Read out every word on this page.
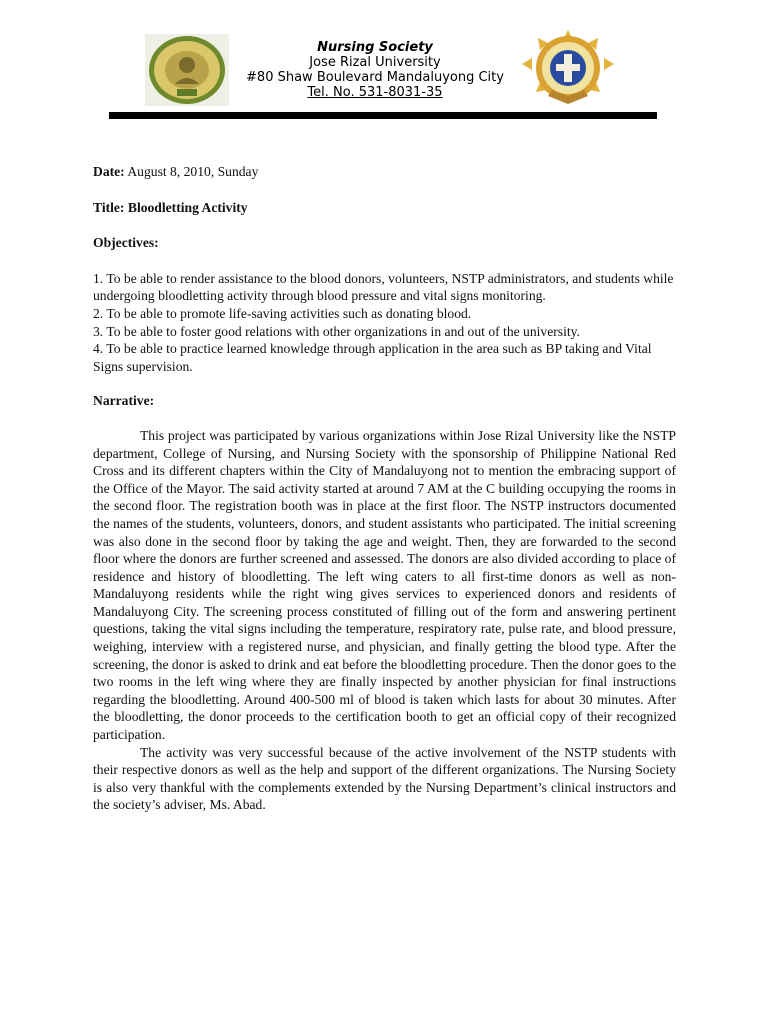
Nursing Society
Jose Rizal University
#80 Shaw Boulevard Mandaluyong City
Tel. No. 531-8031-35

Date: August 8, 2010, Sunday

Title: Bloodletting Activity

Objectives:

1. To be able to render assistance to the blood donors, volunteers, NSTP administrators, and students while undergoing bloodletting activity through blood pressure and vital signs monitoring.

2. To be able to promote life-saving activities such as donating blood.

3. To be able to foster good relations with other organizations in and out of the university.

4. To be able to practice learned knowledge through application in the area such as BP taking and Vital Signs supervision.

Narrative:

This project was participated by various organizations within Jose Rizal University like the NSTP department, College of Nursing, and Nursing Society with the sponsorship of Philippine National Red Cross and its different chapters within the City of Mandaluyong not to mention the embracing support of the Office of the Mayor. The said activity started at around 7 AM at the C building occupying the rooms in the second floor. The registration booth was in place at the first floor. The NSTP instructors documented the names of the students, volunteers, donors, and student assistants who participated. The initial screening was also done in the second floor by taking the age and weight. Then, they are forwarded to the second floor where the donors are further screened and assessed. The donors are also divided according to place of residence and history of bloodletting. The left wing caters to all first-time donors as well as non-Mandaluyong residents while the right wing gives services to experienced donors and residents of Mandaluyong City. The screening process constituted of filling out of the form and answering pertinent questions, taking the vital signs including the temperature, respiratory rate, pulse rate, and blood pressure, weighing, interview with a registered nurse, and physician, and finally getting the blood type. After the screening, the donor is asked to drink and eat before the bloodletting procedure. Then the donor goes to the two rooms in the left wing where they are finally inspected by another physician for final instructions regarding the bloodletting. Around 400-500 ml of blood is taken which lasts for about 30 minutes. After the bloodletting, the donor proceeds to the certification booth to get an official copy of their recognized participation.

The activity was very successful because of the active involvement of the NSTP students with their respective donors as well as the help and support of the different organizations. The Nursing Society is also very thankful with the complements extended by the Nursing Department’s clinical instructors and the society’s adviser, Ms. Abad.
